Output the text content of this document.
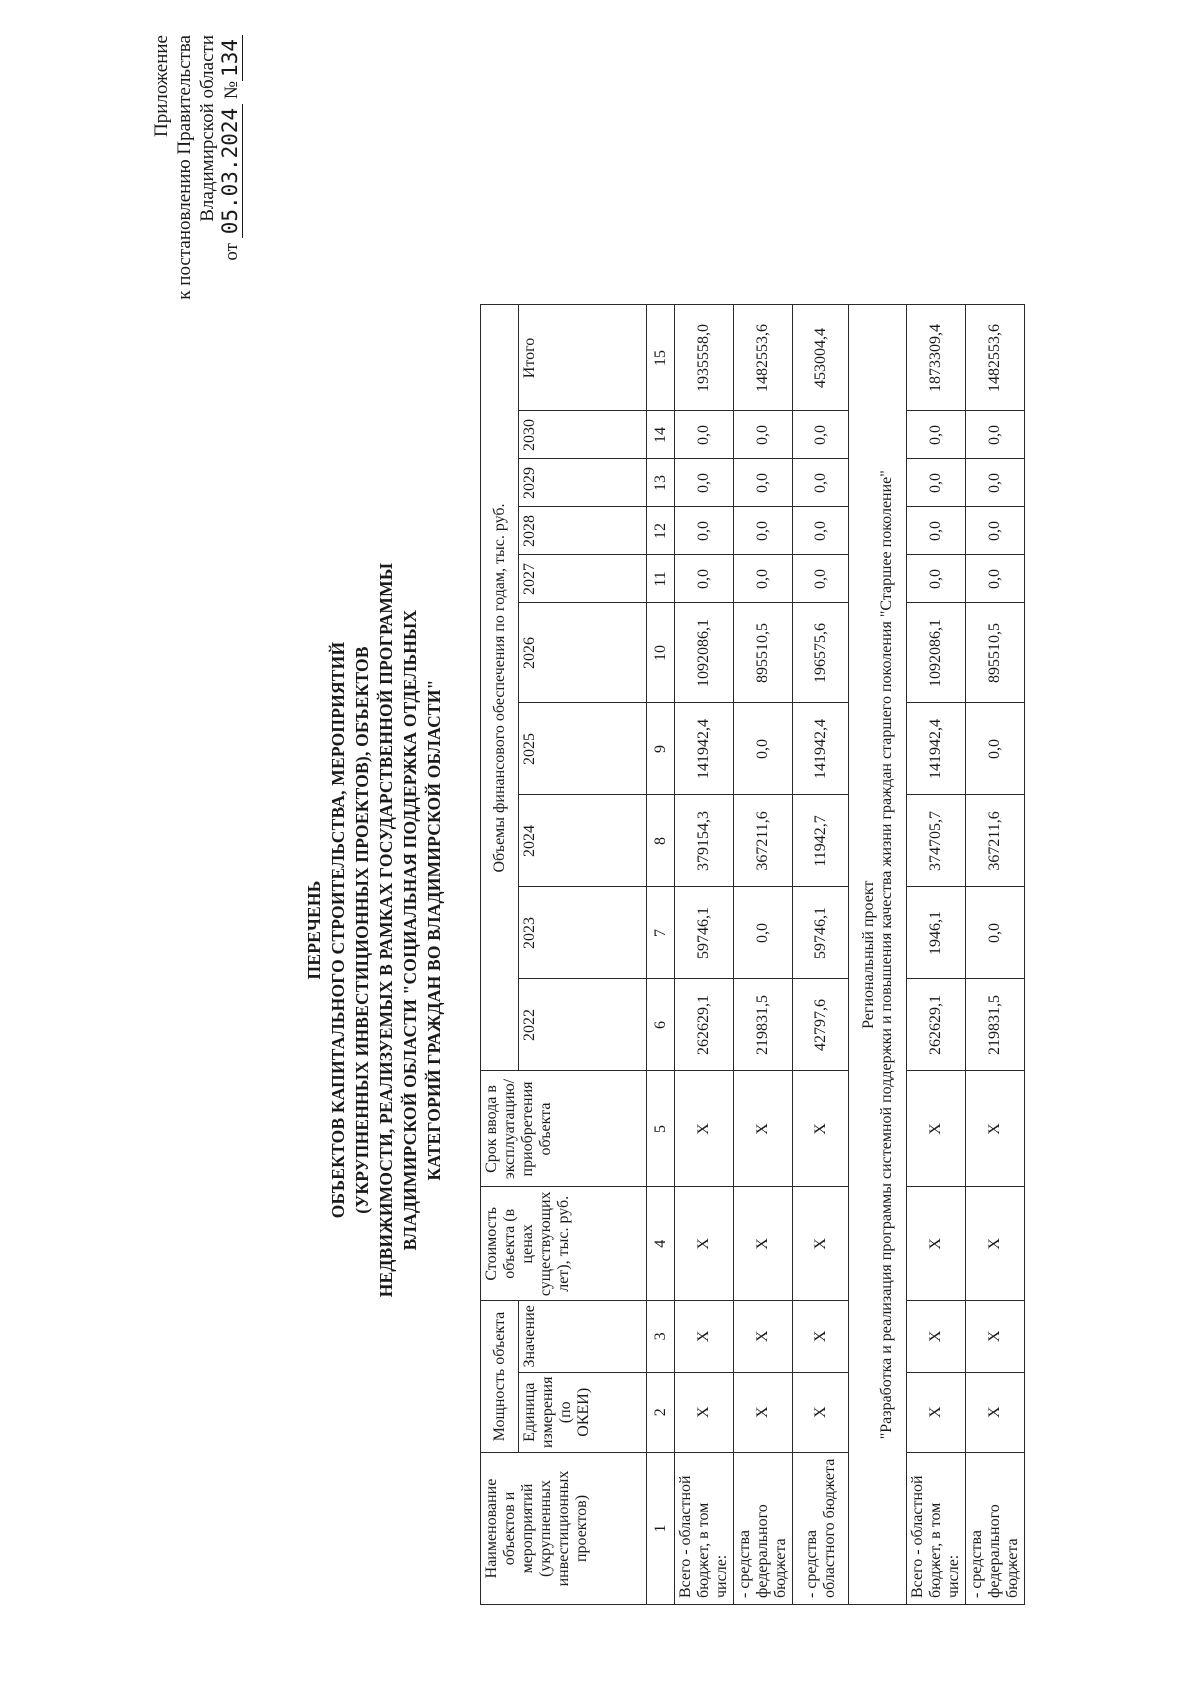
Приложение к постановлению Правительства Владимирской области
от 05.03.2024 №134
ПЕРЕЧЕНЬ ОБЪЕКТОВ КАПИТАЛЬНОГО СТРОИТЕЛЬСТВА, МЕРОПРИЯТИЙ (УКРУПНЕННЫХ ИНВЕСТИЦИОННЫХ ПРОЕКТОВ), ОБЪЕКТОВ НЕДВИЖИМОСТИ, РЕАЛИЗУЕМЫХ В РАМКАХ ГОСУДАРСТВЕННОЙ ПРОГРАММЫ ВЛАДИМИРСКОЙ ОБЛАСТИ "СОЦИАЛЬНАЯ ПОДДЕРЖКА ОТДЕЛЬНЫХ КАТЕГОРИЙ ГРАЖДАН ВО ВЛАДИМИРСКОЙ ОБЛАСТИ"
Наименование объектов и мероприятий (укрупненных инвестиционных проектов)	Мощность объекта		Стоимость объекта (в ценах существующих лет), тыс. руб.	Срок ввода в эксплуатацию/ приобретения объекта	Объемы финансового обеспечения по годам, тыс. руб.									
	Единица измерения (по ОКЕИ)	Значение			2022	2023	2024	2025	2026	2027	2028	2029	2030	Итого
1	2	3	4	5	6	7	8	9	10	11	12	13	14	15
Всего - областной бюджет, в том числе:	Х	Х	Х	Х	262629,1	59746,1	379154,3	141942,4	1092086,1	0,0	0,0	0,0	0,0	1935558,0
- средства федерального бюджета	Х	Х	Х	Х	219831,5	0,0	367211,6	0,0	895510,5	0,0	0,0	0,0	0,0	1482553,6
- средства областного бюджета	Х	Х	Х	Х	42797,6	59746,1	11942,7	141942,4	196575,6	0,0	0,0	0,0	0,0	453004,4

Региональный проект "Разработка и реализация программы системной поддержки и повышения качества жизни граждан старшего поколения "Старшее поколение"														

Всего - областной бюджет, в том числе:	Х	Х	Х	Х	262629,1	1946,1	374705,7	141942,4	1092086,1	0,0	0,0	0,0	0,0	1873309,4
- средства федерального бюджета	Х	Х	Х	Х	219831,5	0,0	367211,6	0,0	895510,5	0,0	0,0	0,0	0,0	1482553,6
